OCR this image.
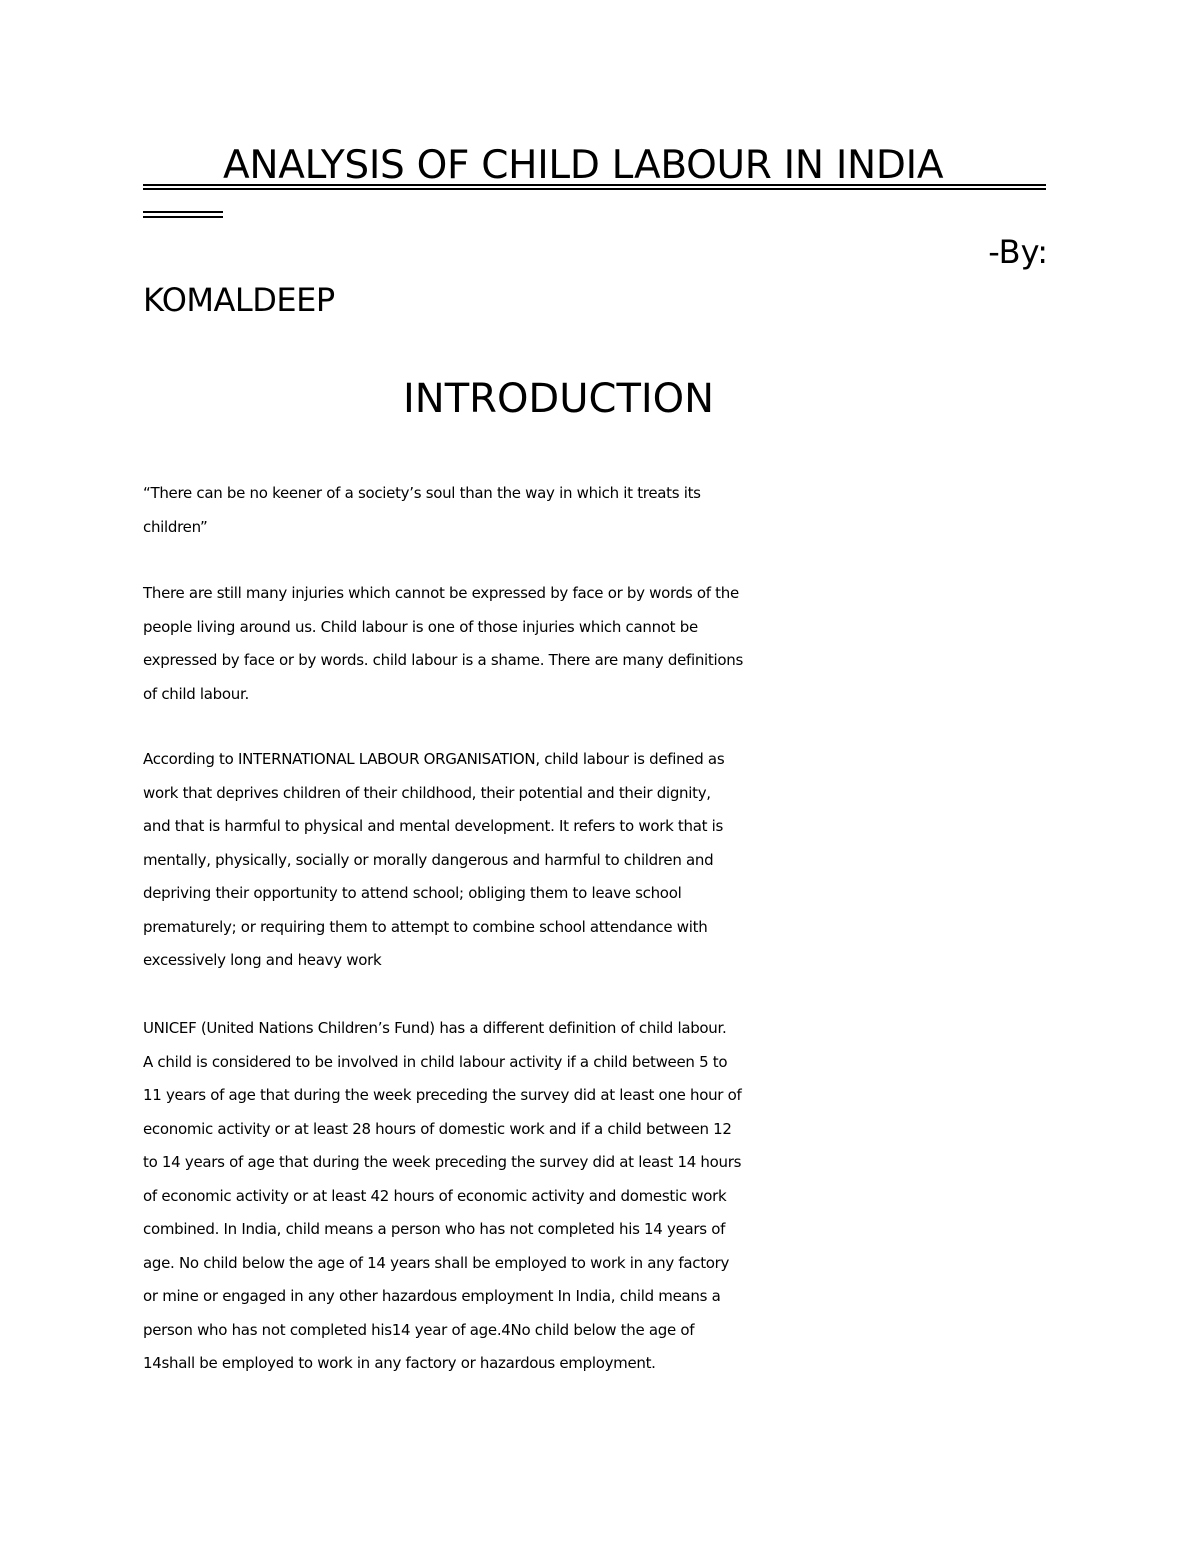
ANALYSIS OF CHILD LABOUR IN INDIA
-By:
KOMALDEEP
INTRODUCTION
“There can be no keener of a society’s soul than the way in which it treats its
children”
There are still many injuries which cannot be expressed by face or by words of the
people living around us. Child labour is one of those injuries which cannot be
expressed by face or by words. child labour is a shame. There are many definitions
of child labour.
According to INTERNATIONAL LABOUR ORGANISATION, child labour is defined as
work that deprives children of their childhood, their potential and their dignity,
and that is harmful to physical and mental development. It refers to work that is
mentally, physically, socially or morally dangerous and harmful to children and
depriving their opportunity to attend school; obliging them to leave school
prematurely; or requiring them to attempt to combine school attendance with
excessively long and heavy work
UNICEF (United Nations Children’s Fund) has a different definition of child labour.
A child is considered to be involved in child labour activity if a child between 5 to
11 years of age that during the week preceding the survey did at least one hour of
economic activity or at least 28 hours of domestic work and if a child between 12
to 14 years of age that during the week preceding the survey did at least 14 hours
of economic activity or at least 42 hours of economic activity and domestic work
combined. In India, child means a person who has not completed his 14 years of
age. No child below the age of 14 years shall be employed to work in any factory
or mine or engaged in any other hazardous employment In India, child means a
person who has not completed his14 year of age.4No child below the age of
14shall be employed to work in any factory or hazardous employment.
